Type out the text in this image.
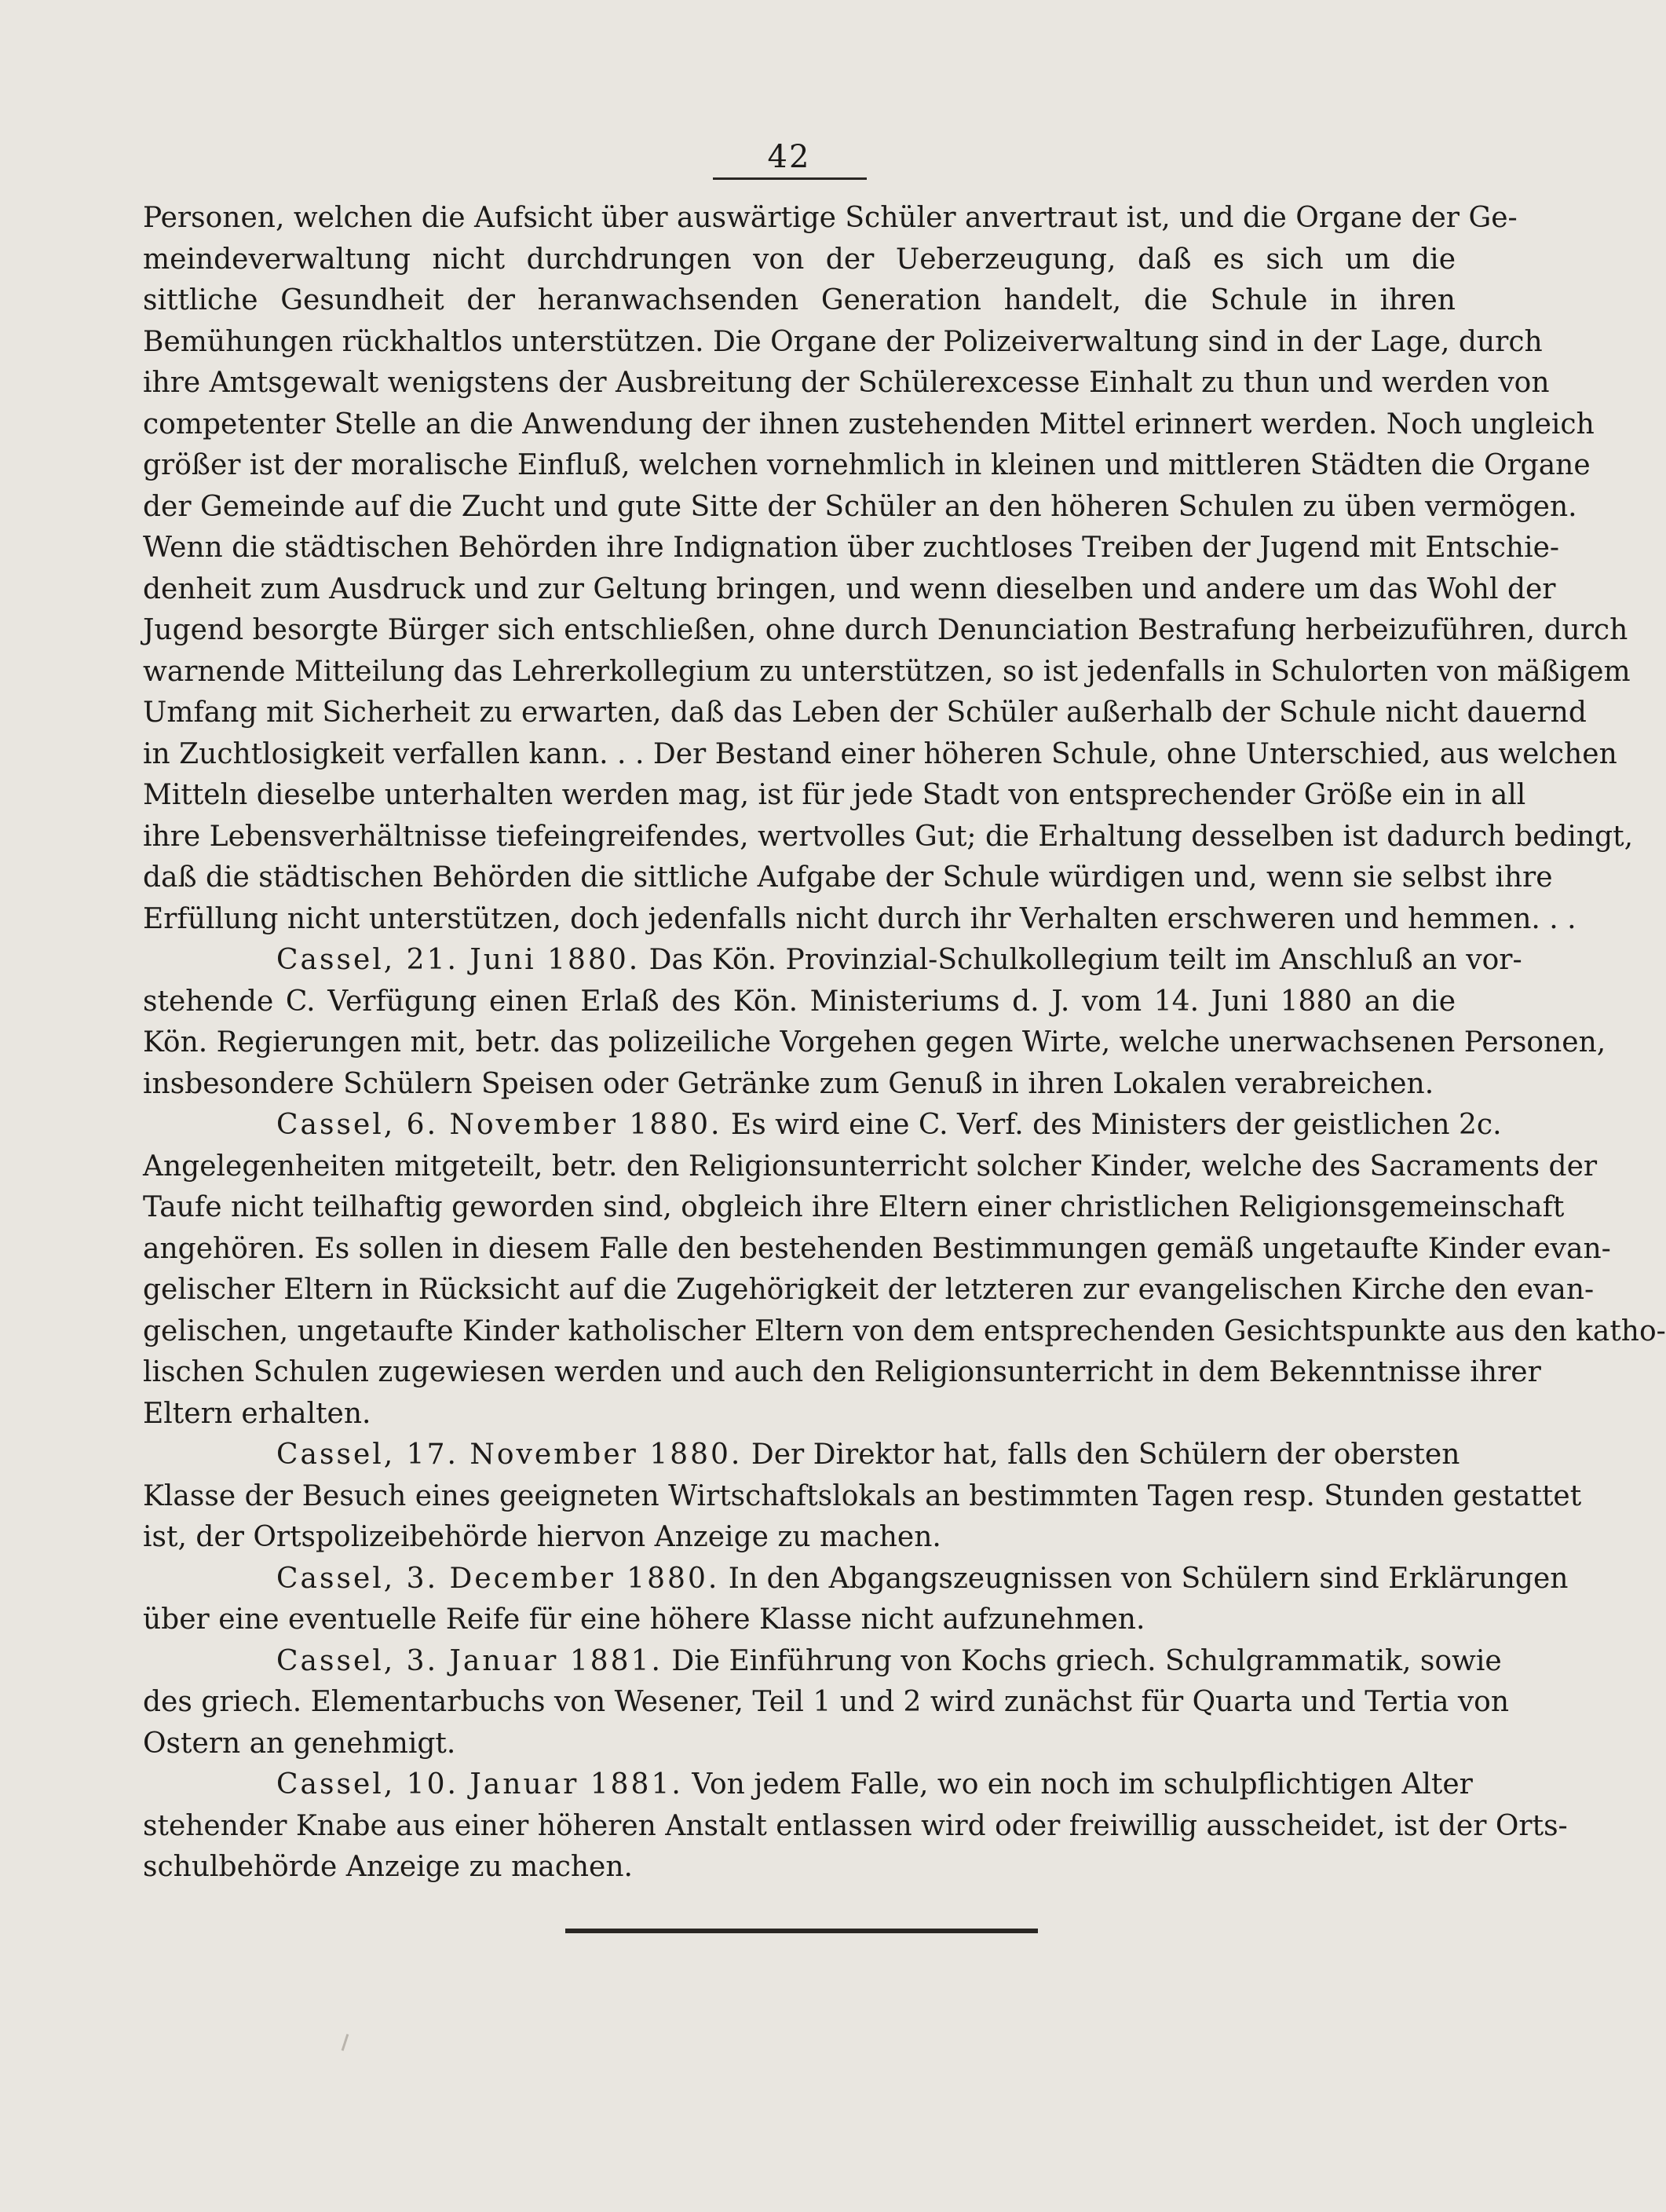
42
Personen, welchen die Aufsicht über auswärtige Schüler anvertraut ist, und die Organe der Ge-
meindeverwaltung nicht durchdrungen von der Ueberzeugung, daß es sich um die
sittliche Gesundheit der heranwachsenden Generation handelt, die Schule in ihren
Bemühungen rückhaltlos unterstützen. Die Organe der Polizeiverwaltung sind in der Lage, durch
ihre Amtsgewalt wenigstens der Ausbreitung der Schülerexcesse Einhalt zu thun und werden von
competenter Stelle an die Anwendung der ihnen zustehenden Mittel erinnert werden. Noch ungleich
größer ist der moralische Einfluß, welchen vornehmlich in kleinen und mittleren Städten die Organe
der Gemeinde auf die Zucht und gute Sitte der Schüler an den höheren Schulen zu üben vermögen.
Wenn die städtischen Behörden ihre Indignation über zuchtloses Treiben der Jugend mit Entschie-
denheit zum Ausdruck und zur Geltung bringen, und wenn dieselben und andere um das Wohl der
Jugend besorgte Bürger sich entschließen, ohne durch Denunciation Bestrafung herbeizuführen, durch
warnende Mitteilung das Lehrerkollegium zu unterstützen, so ist jedenfalls in Schulorten von mäßigem
Umfang mit Sicherheit zu erwarten, daß das Leben der Schüler außerhalb der Schule nicht dauernd
in Zuchtlosigkeit verfallen kann. . . Der Bestand einer höheren Schule, ohne Unterschied, aus welchen
Mitteln dieselbe unterhalten werden mag, ist für jede Stadt von entsprechender Größe ein in all
ihre Lebensverhältnisse tiefeingreifendes, wertvolles Gut; die Erhaltung desselben ist dadurch bedingt,
daß die städtischen Behörden die sittliche Aufgabe der Schule würdigen und, wenn sie selbst ihre
Erfüllung nicht unterstützen, doch jedenfalls nicht durch ihr Verhalten erschweren und hemmen. . .
Cassel, 21. Juni 1880. Das Kön. Provinzial-Schulkollegium teilt im Anschluß an vor-
stehende C. Verfügung einen Erlaß des Kön. Ministeriums d. J. vom 14. Juni 1880 an die
Kön. Regierungen mit, betr. das polizeiliche Vorgehen gegen Wirte, welche unerwachsenen Personen,
insbesondere Schülern Speisen oder Getränke zum Genuß in ihren Lokalen verabreichen.
Cassel, 6. November 1880. Es wird eine C. Verf. des Ministers der geistlichen 2c.
Angelegenheiten mitgeteilt, betr. den Religionsunterricht solcher Kinder, welche des Sacraments der
Taufe nicht teilhaftig geworden sind, obgleich ihre Eltern einer christlichen Religionsgemeinschaft
angehören. Es sollen in diesem Falle den bestehenden Bestimmungen gemäß ungetaufte Kinder evan-
gelischer Eltern in Rücksicht auf die Zugehörigkeit der letzteren zur evangelischen Kirche den evan-
gelischen, ungetaufte Kinder katholischer Eltern von dem entsprechenden Gesichtspunkte aus den katho-
lischen Schulen zugewiesen werden und auch den Religionsunterricht in dem Bekenntnisse ihrer
Eltern erhalten.
Cassel, 17. November 1880. Der Direktor hat, falls den Schülern der obersten
Klasse der Besuch eines geeigneten Wirtschaftslokals an bestimmten Tagen resp. Stunden gestattet
ist, der Ortspolizeibehörde hiervon Anzeige zu machen.
Cassel, 3. December 1880. In den Abgangszeugnissen von Schülern sind Erklärungen
über eine eventuelle Reife für eine höhere Klasse nicht aufzunehmen.
Cassel, 3. Januar 1881. Die Einführung von Kochs griech. Schulgrammatik, sowie
des griech. Elementarbuchs von Wesener, Teil 1 und 2 wird zunächst für Quarta und Tertia von
Ostern an genehmigt.
Cassel, 10. Januar 1881. Von jedem Falle, wo ein noch im schulpflichtigen Alter
stehender Knabe aus einer höheren Anstalt entlassen wird oder freiwillig ausscheidet, ist der Orts-
schulbehörde Anzeige zu machen.
